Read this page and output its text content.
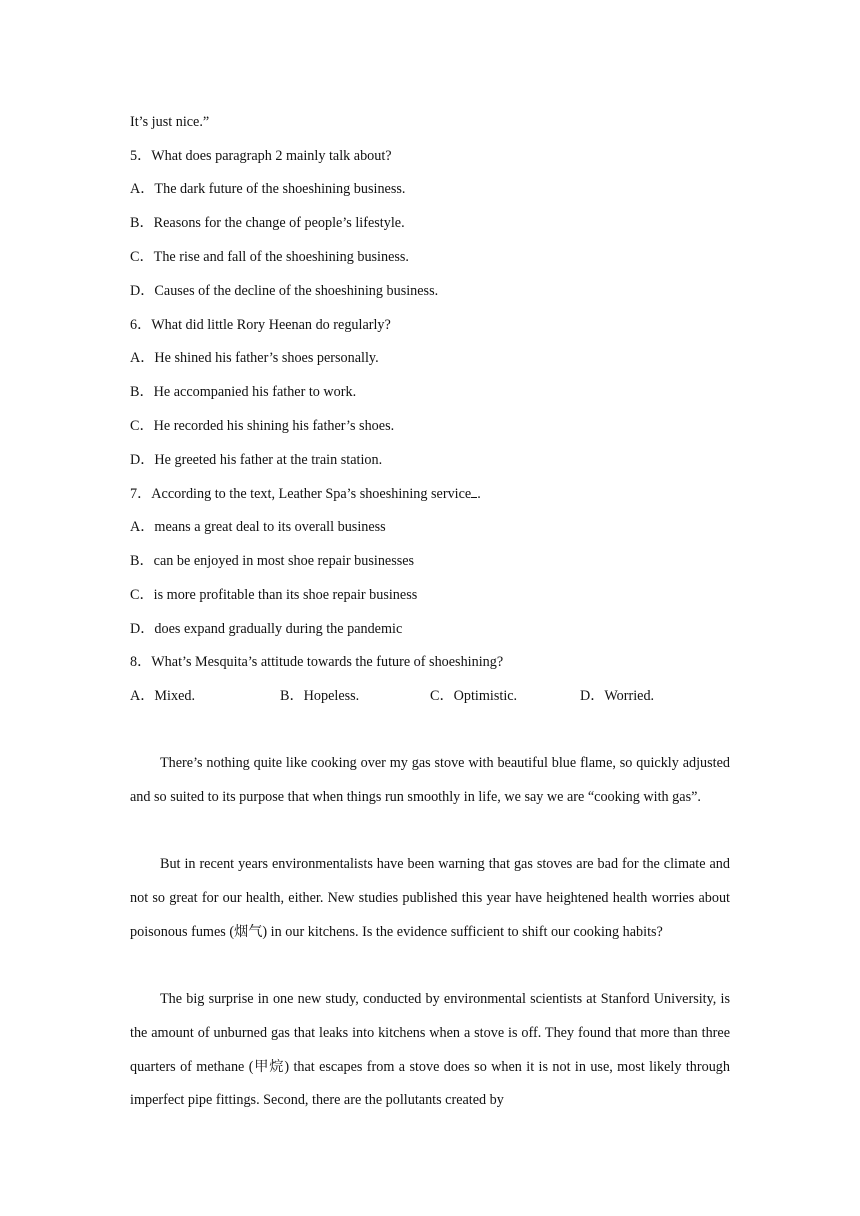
It’s just nice.”
5．What does paragraph 2 mainly talk about?
A．The dark future of the shoeshining business.
B．Reasons for the change of people’s lifestyle.
C．The rise and fall of the shoeshining business.
D．Causes of the decline of the shoeshining business.
6．What did little Rory Heenan do regularly?
A．He shined his father’s shoes personally.
B．He accompanied his father to work.
C．He recorded his shining his father’s shoes.
D．He greeted his father at the train station.
7．According to the text, Leather Spa’s shoeshining service .
A．means a great deal to its overall business
B．can be enjoyed in most shoe repair businesses
C．is more profitable than its shoe repair business
D．does expand gradually during the pandemic
8．What’s Mesquita’s attitude towards the future of shoeshining?
A．Mixed.	B．Hopeless.	C．Optimistic.	D．Worried.

There’s nothing quite like cooking over my gas stove with beautiful blue flame, so quickly adjusted and so suited to its purpose that when things run smoothly in life, we say we are “cooking with gas”.

But in recent years environmentalists have been warning that gas stoves are bad for the climate and not so great for our health, either. New studies published this year have heightened health worries about poisonous fumes (烟气) in our kitchens. Is the evidence sufficient to shift our cooking habits?

The big surprise in one new study, conducted by environmental scientists at Stanford University, is the amount of unburned gas that leaks into kitchens when a stove is off. They found that more than three quarters of methane (甲烷) that escapes from a stove does so when it is not in use, most likely through imperfect pipe fittings. Second, there are the pollutants created by
